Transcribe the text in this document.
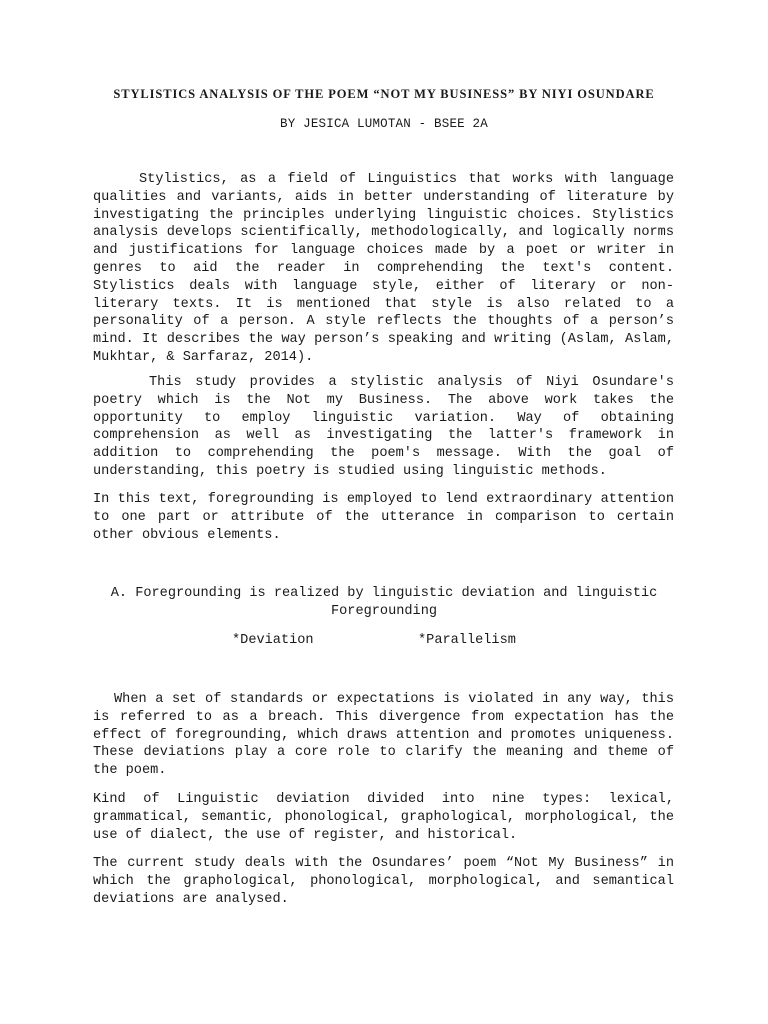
STYLISTICS ANALYSIS OF THE POEM “NOT MY BUSINESS” BY NIYI OSUNDARE
BY JESICA LUMOTAN - BSEE 2A

Stylistics, as a field of Linguistics that works with language qualities and variants, aids in better understanding of literature by investigating the principles underlying linguistic choices. Stylistics analysis develops scientifically, methodologically, and logically norms and justifications for language choices made by a poet or writer in genres to aid the reader in comprehending the text's content. Stylistics deals with language style, either of literary or non-literary texts. It is mentioned that style is also related to a personality of a person. A style reflects the thoughts of a person’s mind. It describes the way person’s speaking and writing (Aslam, Aslam, Mukhtar, & Sarfaraz, 2014).

This study provides a stylistic analysis of Niyi Osundare's poetry which is the Not my Business. The above work takes the opportunity to employ linguistic variation. Way of obtaining comprehension as well as investigating the latter's framework in addition to comprehending the poem's message. With the goal of understanding, this poetry is studied using linguistic methods.

In this text, foregrounding is employed to lend extraordinary attention to one part or attribute of the utterance in comparison to certain other obvious elements.

A. Foregrounding is realized by linguistic deviation and linguistic
Foregrounding
*Deviation	*Parallelism

When a set of standards or expectations is violated in any way, this is referred to as a breach. This divergence from expectation has the effect of foregrounding, which draws attention and promotes uniqueness. These deviations play a core role to clarify the meaning and theme of the poem.

Kind of Linguistic deviation divided into nine types: lexical, grammatical, semantic, phonological, graphological, morphological, the use of dialect, the use of register, and historical.

The current study deals with the Osundares’ poem “Not My Business” in which the graphological, phonological, morphological, and semantical deviations are analysed.
